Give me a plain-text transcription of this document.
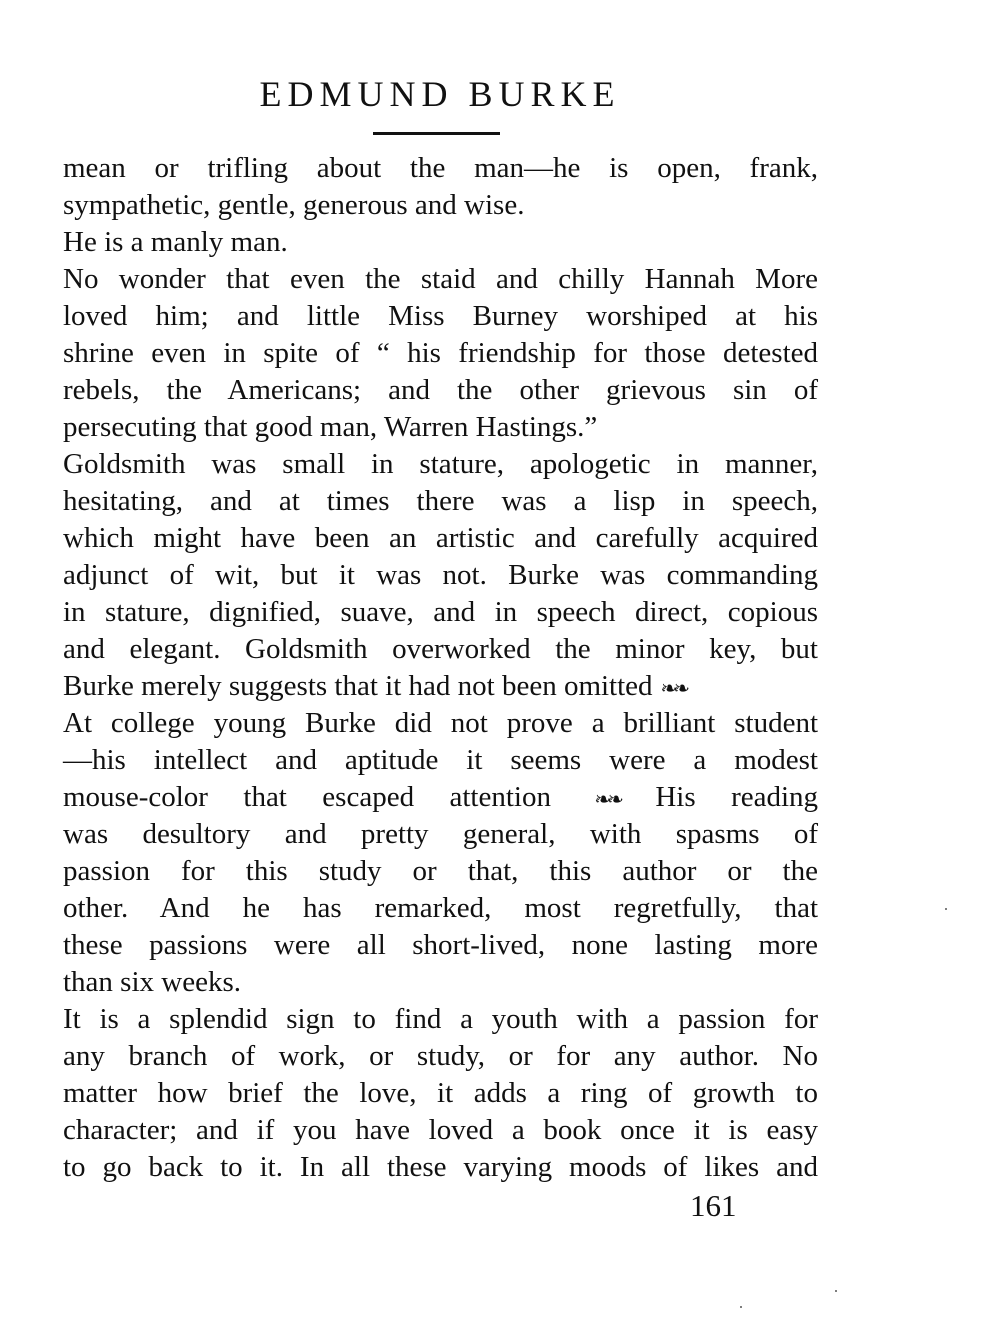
EDMUND BURKE
mean or trifling about the man—he is open, frank,
sympathetic, gentle, generous and wise.
He is a manly man.
No wonder that even the staid and chilly Hannah More
loved him; and little Miss Burney worshiped at his
shrine even in spite of “ his friendship for those detested
rebels, the Americans; and the other grievous sin of
persecuting that good man, Warren Hastings.”
Goldsmith was small in stature, apologetic in manner,
hesitating, and at times there was a lisp in speech,
which might have been an artistic and carefully acquired
adjunct of wit, but it was not. Burke was commanding
in stature, dignified, suave, and in speech direct, copious
and elegant. Goldsmith overworked the minor key, but
Burke merely suggests that it had not been omitted ❧❧
At college young Burke did not prove a brilliant student
—his intellect and aptitude it seems were a modest
mouse-color that escaped attention ❧❧ His reading
was desultory and pretty general, with spasms of
passion for this study or that, this author or the
other. And he has remarked, most regretfully, that
these passions were all short-lived, none lasting more
than six weeks.
It is a splendid sign to find a youth with a passion for
any branch of work, or study, or for any author. No
matter how brief the love, it adds a ring of growth to
character; and if you have loved a book once it is easy
to go back to it. In all these varying moods of likes and
161
